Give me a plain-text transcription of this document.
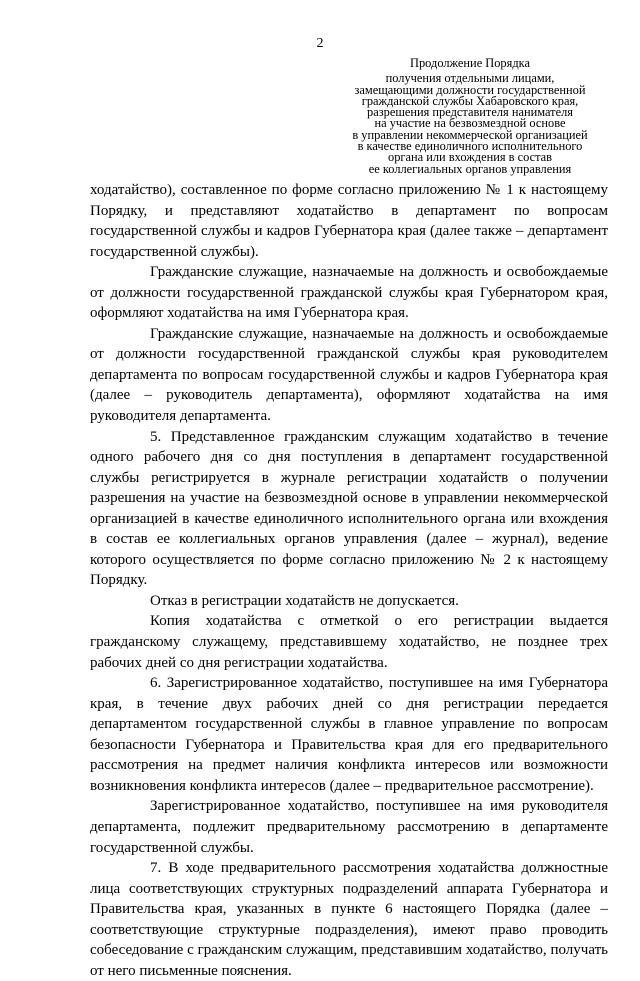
2
Продолжение Порядка
получения отдельными лицами,
замещающими должности государственной
гражданской службы Хабаровского края,
разрешения представителя нанимателя
на участие на безвозмездной основе
в управлении некоммерческой организацией
в качестве единоличного исполнительного
органа или вхождения в состав
ее коллегиальных органов управления

ходатайство), составленное по форме согласно приложению № 1 к настоящему Порядку, и представляют ходатайство в департамент по вопросам государственной службы и кадров Губернатора края (далее также – департамент государственной службы).

Гражданские служащие, назначаемые на должность и освобождаемые от должности государственной гражданской службы края Губернатором края, оформляют ходатайства на имя Губернатора края.

Гражданские служащие, назначаемые на должность и освобождаемые от должности государственной гражданской службы края руководителем департамента по вопросам государственной службы и кадров Губернатора края (далее – руководитель департамента), оформляют ходатайства на имя руководителя департамента.

5. Представленное гражданским служащим ходатайство в течение одного рабочего дня со дня поступления в департамент государственной службы регистрируется в журнале регистрации ходатайств о получении разрешения на участие на безвозмездной основе в управлении некоммерческой организацией в качестве единоличного исполнительного органа или вхождения в состав ее коллегиальных органов управления (далее – журнал), ведение которого осуществляется по форме согласно приложению № 2 к настоящему Порядку.

Отказ в регистрации ходатайств не допускается.

Копия ходатайства с отметкой о его регистрации выдается гражданскому служащему, представившему ходатайство, не позднее трех рабочих дней со дня регистрации ходатайства.

6. Зарегистрированное ходатайство, поступившее на имя Губернатора края, в течение двух рабочих дней со дня регистрации передается департаментом государственной службы в главное управление по вопросам безопасности Губернатора и Правительства края для его предварительного рассмотрения на предмет наличия конфликта интересов или возможности возникновения конфликта интересов (далее – предварительное рассмотрение).

Зарегистрированное ходатайство, поступившее на имя руководителя департамента, подлежит предварительному рассмотрению в департаменте государственной службы.

7. В ходе предварительного рассмотрения ходатайства должностные лица соответствующих структурных подразделений аппарата Губернатора и Правительства края, указанных в пункте 6 настоящего Порядка (далее – соответствующие структурные подразделения), имеют право проводить собеседование с гражданским служащим, представившим ходатайство, получать от него письменные пояснения.
